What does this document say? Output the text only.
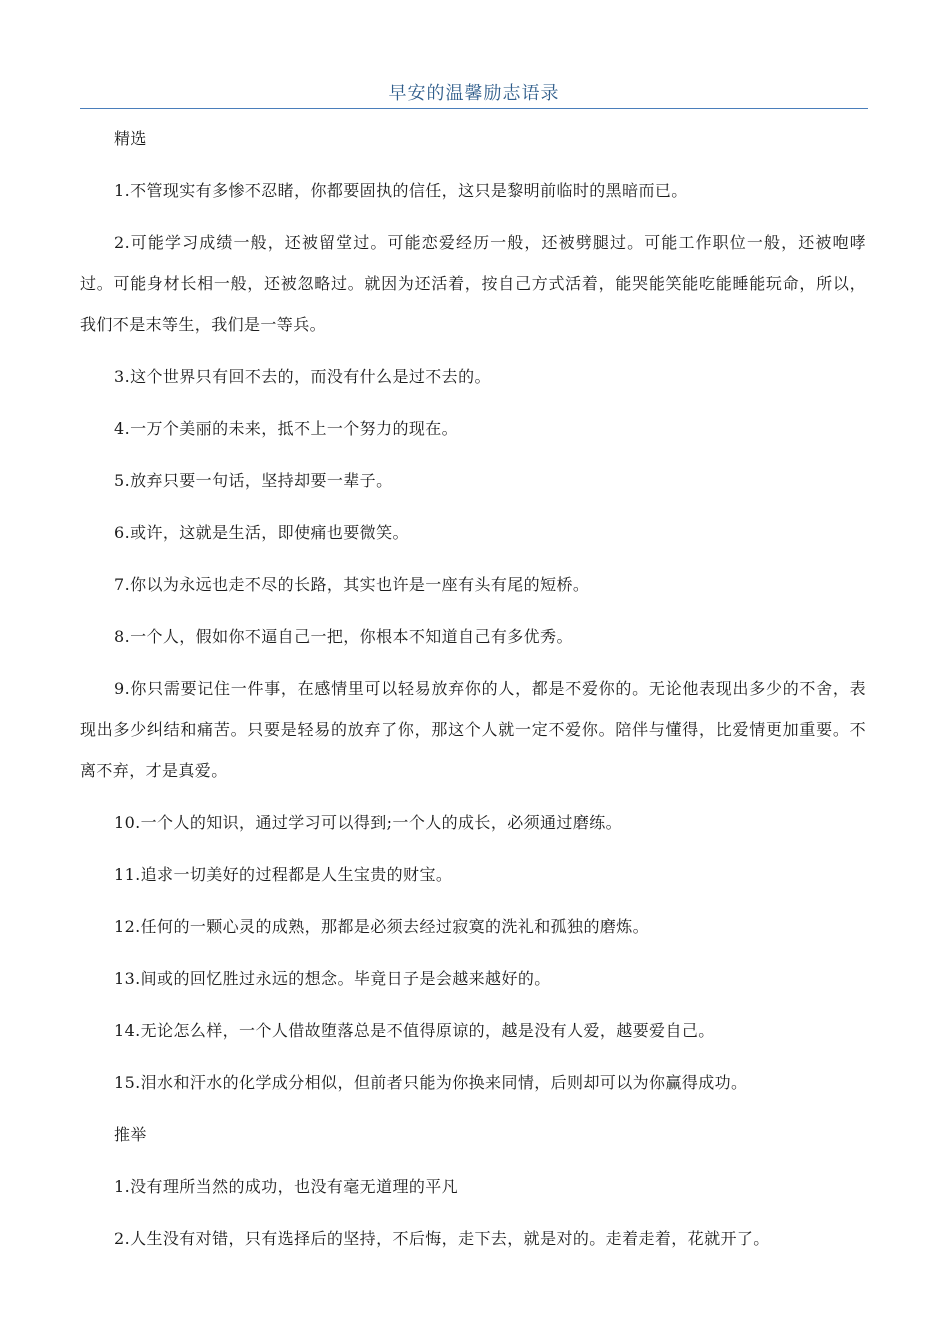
早安的温馨励志语录

精选

1.不管现实有多惨不忍睹，你都要固执的信任，这只是黎明前临时的黑暗而已。

2.可能学习成绩一般，还被留堂过。可能恋爱经历一般，还被劈腿过。可能工作职位一般，还被咆哮过。可能身材长相一般，还被忽略过。就因为还活着，按自己方式活着，能哭能笑能吃能睡能玩命，所以，我们不是末等生，我们是一等兵。

3.这个世界只有回不去的，而没有什么是过不去的。

4.一万个美丽的未来，抵不上一个努力的现在。

5.放弃只要一句话，坚持却要一辈子。

6.或许，这就是生活，即使痛也要微笑。

7.你以为永远也走不尽的长路，其实也许是一座有头有尾的短桥。

8.一个人，假如你不逼自己一把，你根本不知道自己有多优秀。

9.你只需要记住一件事，在感情里可以轻易放弃你的人，都是不爱你的。无论他表现出多少的不舍，表现出多少纠结和痛苦。只要是轻易的放弃了你，那这个人就一定不爱你。陪伴与懂得，比爱情更加重要。不离不弃，才是真爱。

10.一个人的知识，通过学习可以得到;一个人的成长，必须通过磨练。

11.追求一切美好的过程都是人生宝贵的财宝。

12.任何的一颗心灵的成熟，那都是必须去经过寂寞的洗礼和孤独的磨炼。

13.间或的回忆胜过永远的想念。毕竟日子是会越来越好的。

14.无论怎么样，一个人借故堕落总是不值得原谅的，越是没有人爱，越要爱自己。

15.泪水和汗水的化学成分相似，但前者只能为你换来同情，后则却可以为你赢得成功。

推举

1.没有理所当然的成功，也没有毫无道理的平凡

2.人生没有对错，只有选择后的坚持，不后悔，走下去，就是对的。走着走着，花就开了。
